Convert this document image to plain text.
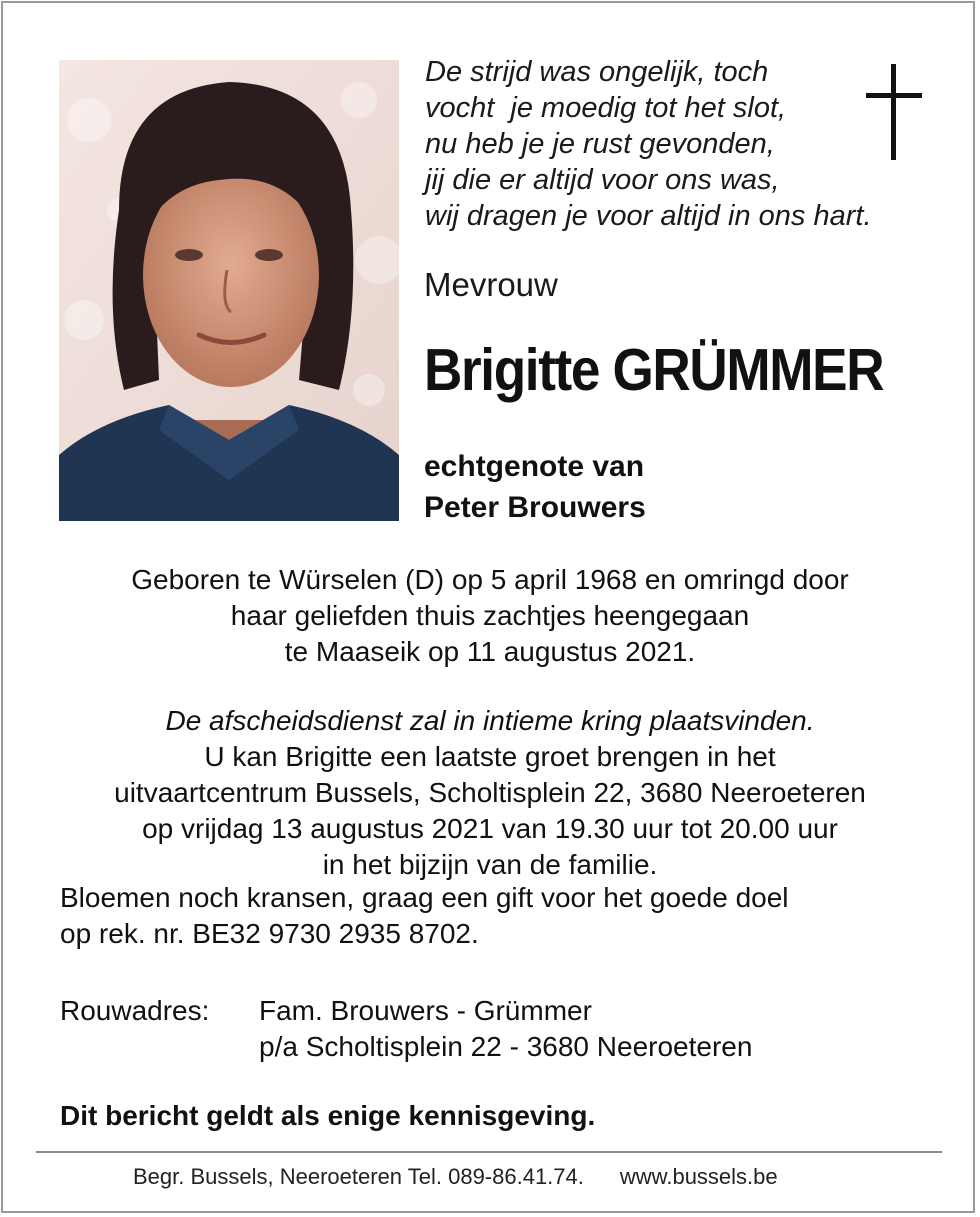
De strijd was ongelijk, toch
vocht  je moedig tot het slot,
nu heb je je rust gevonden,
jij die er altijd voor ons was,
wij dragen je voor altijd in ons hart.
Mevrouw
Brigitte GRÜMMER
echtgenote van
Peter Brouwers
Geboren te Würselen (D) op 5 april 1968 en omringd door
haar geliefden thuis zachtjes heengegaan
te Maaseik op 11 augustus 2021.
De afscheidsdienst zal in intieme kring plaatsvinden.
U kan Brigitte een laatste groet brengen in het
uitvaartcentrum Bussels, Scholtisplein 22, 3680 Neeroeteren
op vrijdag 13 augustus 2021 van 19.30 uur tot 20.00 uur
in het bijzijn van de familie.
Bloemen noch kransen, graag een gift voor het goede doel
op rek. nr. BE32 9730 2935 8702.
Rouwadres: Fam. Brouwers - Grümmer
p/a Scholtisplein 22 - 3680 Neeroeteren
Dit bericht geldt als enige kennisgeving.
Begr. Bussels, Neeroeteren Tel. 089-86.41.74. www.bussels.be
